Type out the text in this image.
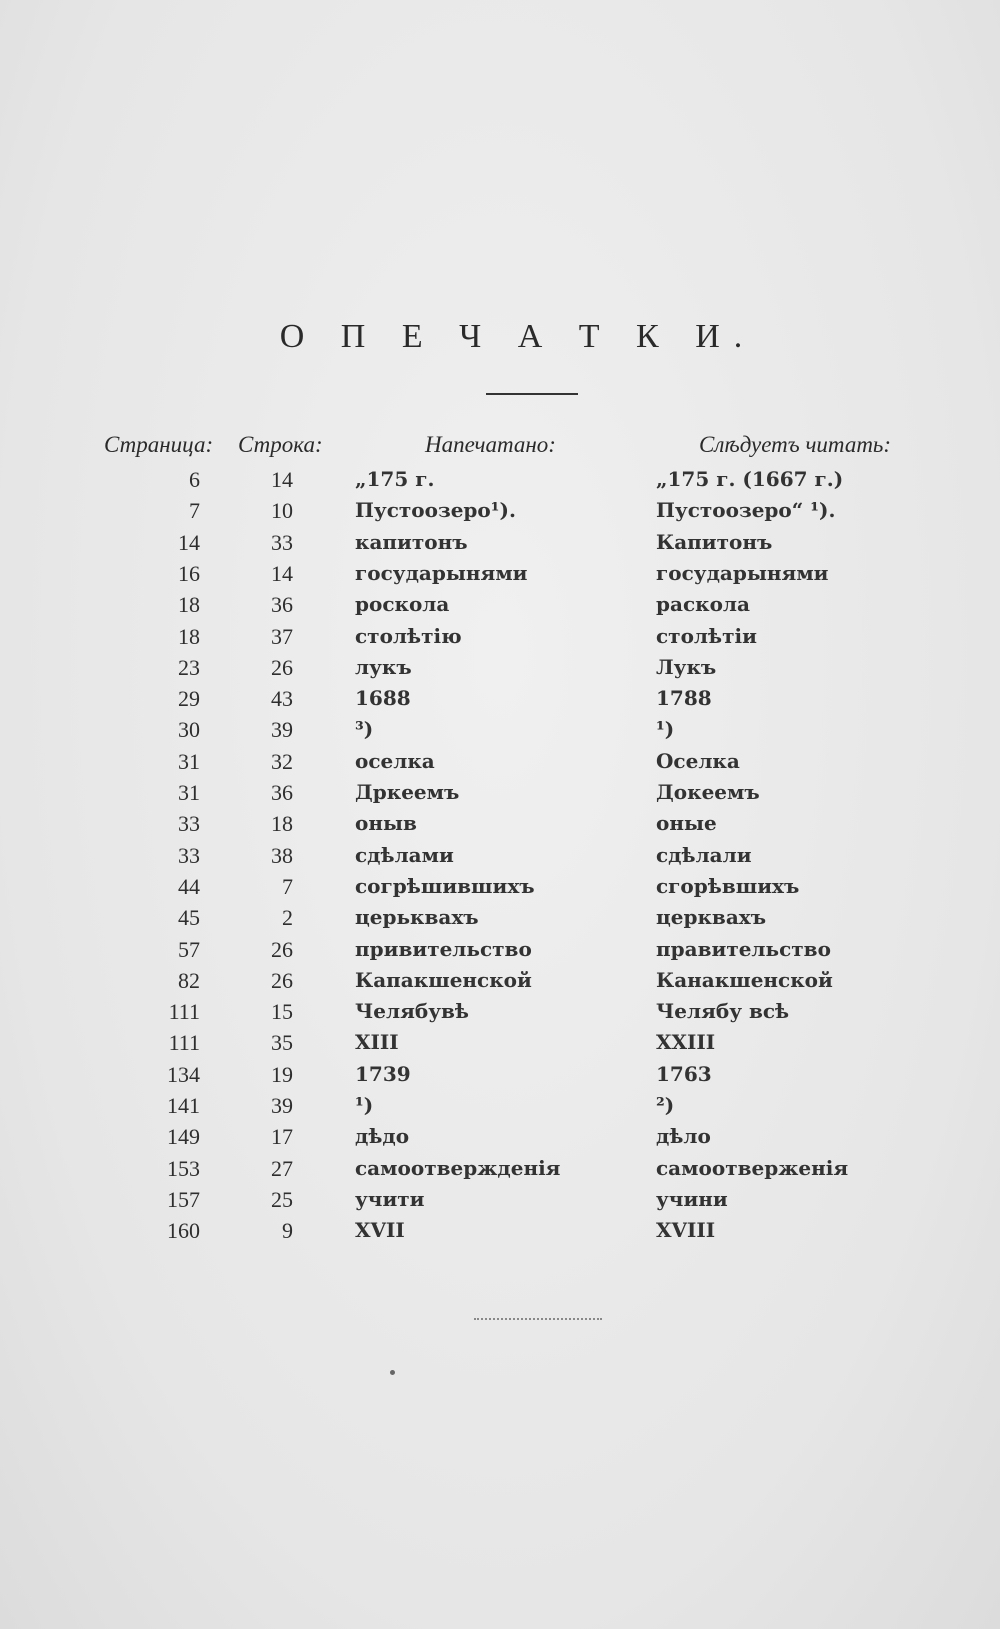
О П Е Ч А Т К И.
Страница: Строка:	Напечатано:	Слѣдуетъ читать:
6	14	„175 г.	„175 г. (1667 г.)
7	10	Пустоозеро¹).	Пустоозеро“ ¹).
14	33	капитонъ	Капитонъ
16	14	государынями	государынями
18	36	роскола	раскола
18	37	столѣтію	столѣтіи
23	26	лукъ	Лукъ
29	43	1688	1788
30	39	³)	¹)
31	32	оселка	Оселка
31	36	Дркеемъ	Докеемъ
33	18	оныв	оные
33	38	сдѣлами	сдѣлали
44	7	согрѣшившихъ	сгорѣвшихъ
45	2	церьквахъ	церквахъ
57	26	привительство	правительство
82	26	Капакшенской	Канакшенской
111	15	Челябувѣ	Челябу всѣ
111	35	XIII	XXIII
134	19	1739	1763
141	39	¹)	²)
149	17	дѣдо	дѣло
153	27	самоотвержденія	самоотверженія
157	25	учити	учини
160	9	XVII	XVIII
